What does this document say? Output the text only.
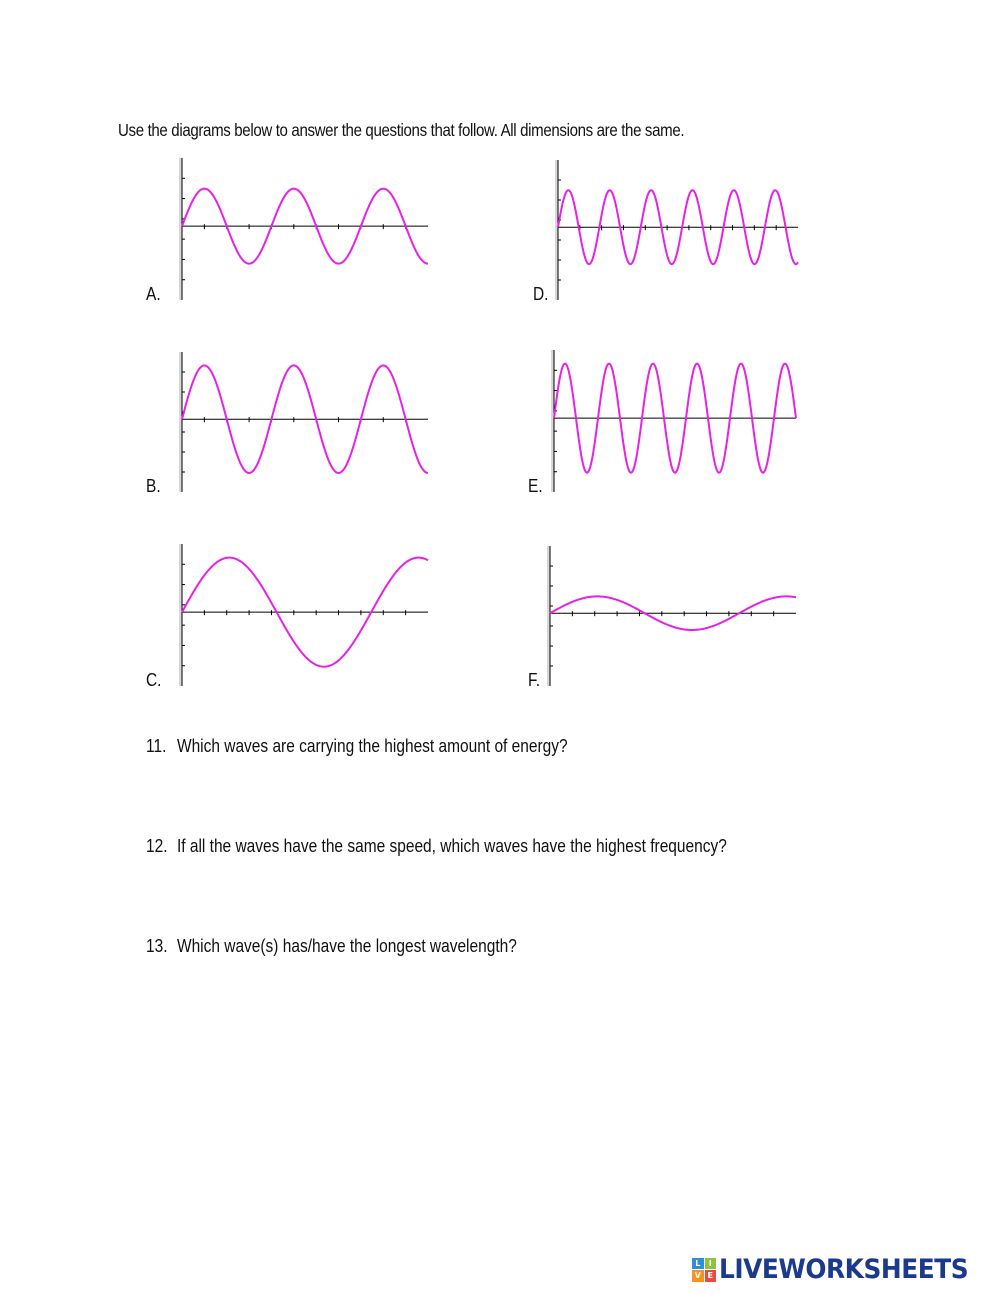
Use the diagrams below to answer the questions that follow. All dimensions are the same.
A.	D.
B.	E.
C.	F.
11. Which waves are carrying the highest amount of energy?
12. If all the waves have the same speed, which waves have the highest frequency?
13. Which wave(s) has/have the longest wavelength?
L	I
V E LIVEWORKSHEETS
